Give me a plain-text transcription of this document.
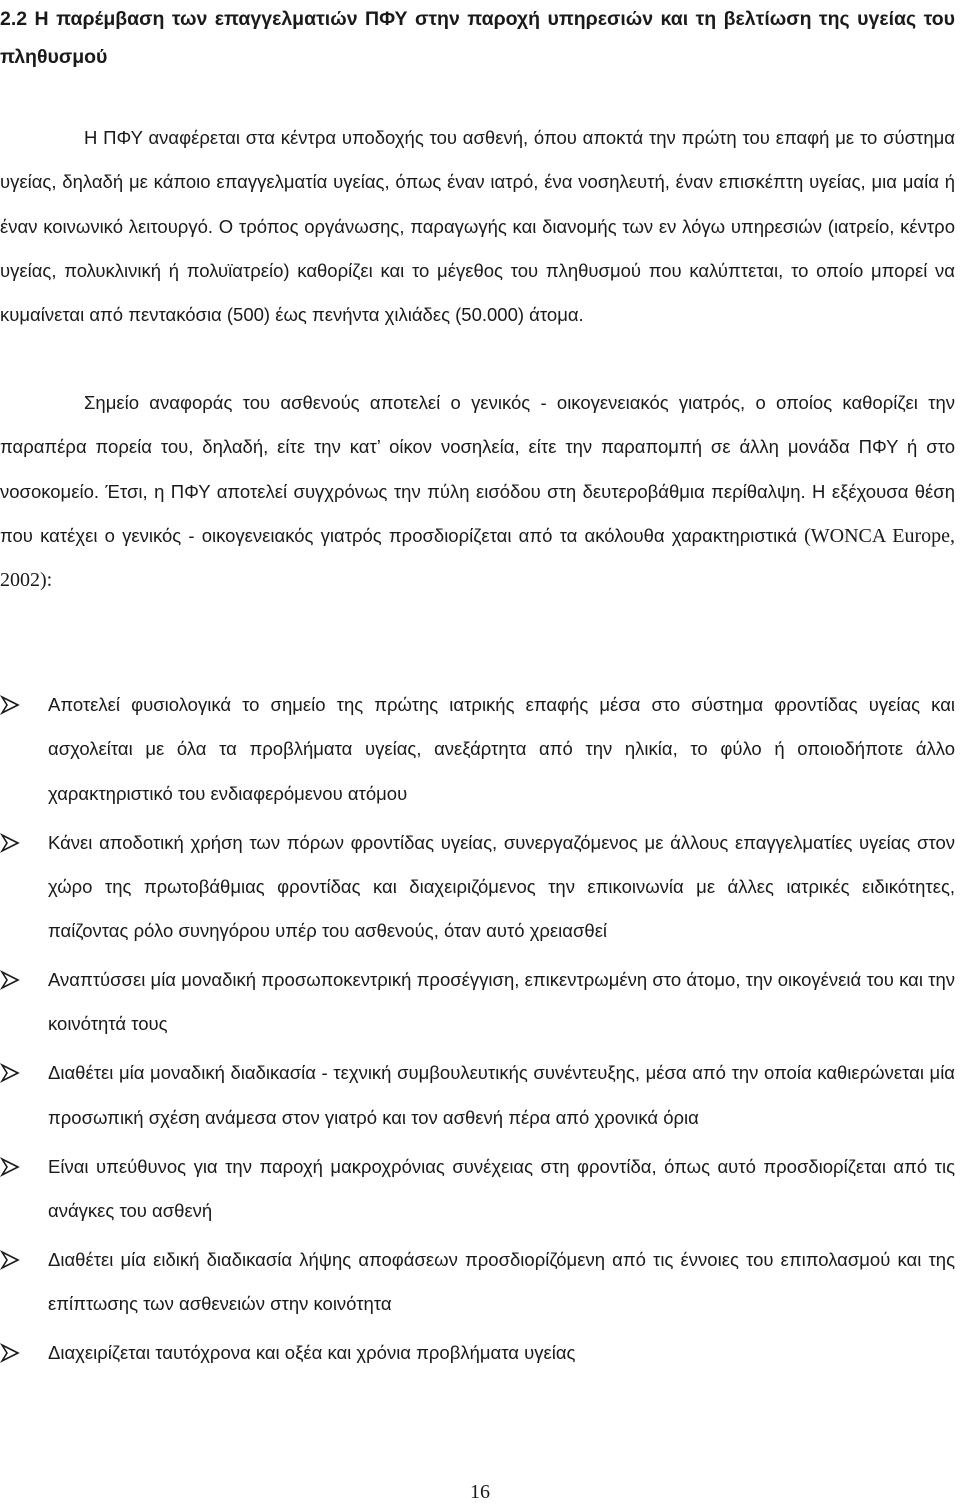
2.2 Η παρέμβαση των επαγγελματιών ΠΦΥ στην παροχή υπηρεσιών και τη βελτίωση της υγείας του πληθυσμού

Η ΠΦΥ αναφέρεται στα κέντρα υποδοχής του ασθενή, όπου αποκτά την πρώτη του επαφή με το σύστημα υγείας, δηλαδή με κάποιο επαγγελματία υγείας, όπως έναν ιατρό, ένα νοσηλευτή, έναν επισκέπτη υγείας, μια μαία ή έναν κοινωνικό λειτουργό. Ο τρόπος οργάνωσης, παραγωγής και διανομής των εν λόγω υπηρεσιών (ιατρείο, κέντρο υγείας, πολυκλινική ή πολυϊατρείο) καθορίζει και το μέγεθος του πληθυσμού που καλύπτεται, το οποίο μπορεί να κυμαίνεται από πεντακόσια (500) έως πενήντα χιλιάδες (50.000) άτομα.

Σημείο αναφοράς του ασθενούς αποτελεί ο γενικός - οικογενειακός γιατρός, ο οποίος καθορίζει την παραπέρα πορεία του, δηλαδή, είτε την κατ’ οίκον νοσηλεία, είτε την παραπομπή σε άλλη μονάδα ΠΦΥ ή στο νοσοκομείο. Έτσι, η ΠΦΥ αποτελεί συγχρόνως την πύλη εισόδου στη δευτεροβάθμια περίθαλψη. Η εξέχουσα θέση που κατέχει ο γενικός - οικογενειακός γιατρός προσδιορίζεται από τα ακόλουθα χαρακτηριστικά (WONCA Europe, 2002):

Αποτελεί φυσιολογικά το σημείο της πρώτης ιατρικής επαφής μέσα στο σύστημα φροντίδας υγείας και ασχολείται με όλα τα προβλήματα υγείας, ανεξάρτητα από την ηλικία, το φύλο ή οποιοδήποτε άλλο χαρακτηριστικό του ενδιαφερόμενου ατόμου
Κάνει αποδοτική χρήση των πόρων φροντίδας υγείας, συνεργαζόμενος με άλλους επαγγελματίες υγείας στον χώρο της πρωτοβάθμιας φροντίδας και διαχειριζόμενος την επικοινωνία με άλλες ιατρικές ειδικότητες, παίζοντας ρόλο συνηγόρου υπέρ του ασθενούς, όταν αυτό χρειασθεί
Αναπτύσσει μία μοναδική προσωποκεντρική προσέγγιση, επικεντρωμένη στο άτομο, την οικογένειά του και την κοινότητά τους
Διαθέτει μία μοναδική διαδικασία - τεχνική συμβουλευτικής συνέντευξης, μέσα από την οποία καθιερώνεται μία προσωπική σχέση ανάμεσα στον γιατρό και τον ασθενή πέρα από χρονικά όρια
Είναι υπεύθυνος για την παροχή μακροχρόνιας συνέχειας στη φροντίδα, όπως αυτό προσδιορίζεται από τις ανάγκες του ασθενή
Διαθέτει μία ειδική διαδικασία λήψης αποφάσεων προσδιορίζόμενη από τις έννοιες του επιπολασμού και της επίπτωσης των ασθενειών στην κοινότητα
Διαχειρίζεται ταυτόχρονα και οξέα και χρόνια προβλήματα υγείας
16
